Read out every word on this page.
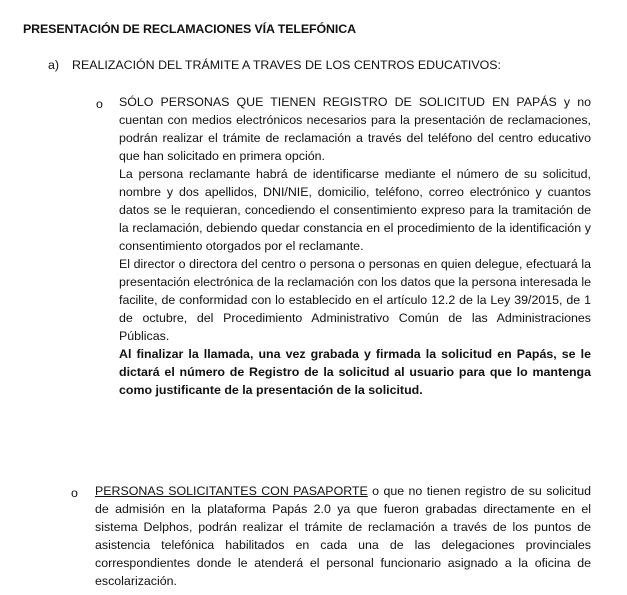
PRESENTACIÓN DE RECLAMACIONES VÍA TELEFÓNICA
a) REALIZACIÓN DEL TRÁMITE A TRAVES DE LOS CENTROS EDUCATIVOS:
o SÓLO PERSONAS QUE TIENEN REGISTRO DE SOLICITUD EN PAPÁS y no cuentan con medios electrónicos necesarios para la presentación de reclamaciones, podrán realizar el trámite de reclamación a través del teléfono del centro educativo que han solicitado en primera opción.

La persona reclamante habrá de identificarse mediante el número de su solicitud, nombre y dos apellidos, DNI/NIE, domicilio, teléfono, correo electrónico y cuantos datos se le requieran, concediendo el consentimiento expreso para la tramitación de la reclamación, debiendo quedar constancia en el procedimiento de la identificación y consentimiento otorgados por el reclamante.

El director o directora del centro o persona o personas en quien delegue, efectuará la presentación electrónica de la reclamación con los datos que la persona interesada le facilite, de conformidad con lo establecido en el artículo 12.2 de la Ley 39/2015, de 1 de octubre, del Procedimiento Administrativo Común de las Administraciones Públicas.

Al finalizar la llamada, una vez grabada y firmada la solicitud en Papás, se le dictará el número de Registro de la solicitud al usuario para que lo mantenga como justificante de la presentación de la solicitud.

o PERSONAS SOLICITANTES CON PASAPORTE o que no tienen registro de su solicitud de admisión en la plataforma Papás 2.0 ya que fueron grabadas directamente en el sistema Delphos, podrán realizar el trámite de reclamación a través de los puntos de asistencia telefónica habilitados en cada una de las delegaciones provinciales correspondientes donde le atenderá el personal funcionario asignado a la oficina de escolarización.
